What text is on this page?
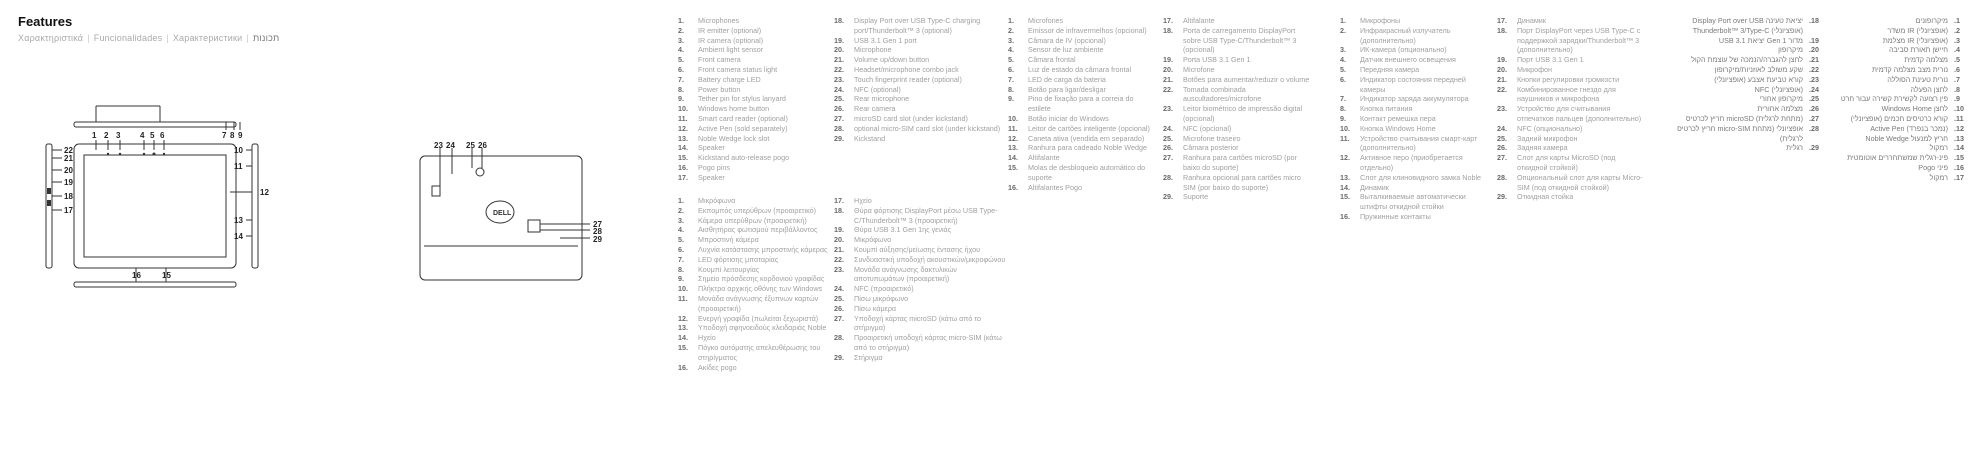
Features
Χαρακτηριστικά | Funcionalidades | Характеристики | תכונות
1 2 3 4 5 6	7 8 9
22
21
20
19
18
17
10
11
12
13
14
16	15
DELL
23 24 25 26
27
28
29
1.	Microphones
2.	IR emitter (optional)
3.	IR camera (optional)
4.	Ambient light sensor
5.	Front camera
6.	Front camera status light
7.	Battery charge LED
8.	Power button
9.	Tether pin for stylus lanyard
10.	Windows home button
11.	Smart card reader (optional)
12.	Active Pen (sold separately)
13.	Noble Wedge lock slot
14.	Speaker
15.	Kickstand auto-release pogo
16.	Pogo pins
17.	Speaker
18.	Display Port over USB Type-C charging port/Thunderbolt™ 3 (optional)
19.	USB 3.1 Gen 1 port
20.	Microphone
21.	Volume up/down button
22.	Headset/microphone combo jack
23.	Touch fingerprint reader (optional)
24.	NFC (optional)
25.	Rear microphone
26.	Rear camera
27.	microSD card slot (under kickstand)
28.	optional micro-SIM card slot (under kickstand)
29.	Kickstand
1.	Μικρόφωνα
2.	Εκπομπός υπερύθρων (προαιρετικό)
3.	Κάμερα υπερύθρων (προαιρετική)
4.	Αισθητήρας φωτισμού περιβάλλοντος
5.	Μπροστινή κάμερα
6.	Λυχνία κατάστασης μπροστινής κάμερας
7.	LED φόρτισης μπαταρίας
8.	Κουμπί λειτουργίας
9.	Σημείο πρόσδεσης κορδονιού γραφίδας
10.	Πλήκτρο αρχικής οθόνης των Windows
11.	Μονάδα ανάγνωσης έξυπνων καρτών (προαιρετική)
12.	Ενεργή γραφίδα (πωλείται ξεχωριστά)
13.	Υποδοχή σφηνοειδούς κλειδαριάς Noble
14.	Ηχείο
15.	Πόγκο αυτόματης απελευθέρωσης του στηρίγματος
16.	Ακίδες pogo
17.	Ηχείο
18.	Θύρα φόρτισης DisplayPort μέσω USB Type-C/Thunderbolt™ 3 (προαιρετική)
19.	Θύρα USB 3.1 Gen 1ης γενιάς
20.	Μικρόφωνο
21.	Κουμπί αύξησης/μείωσης έντασης ήχου
22.	Συνδυαστική υποδοχή ακουστικών/μικροφώνου
23.	Μονάδα ανάγνωσης δακτυλικών αποτυπωμάτων (προαιρετική)
24.	NFC (προαιρετικό)
25.	Πίσω μικρόφωνο
26.	Πίσω κάμερα
27.	Υποδοχή κάρτας microSD (κάτω από το στήριγμα)
28.	Προαιρετική υποδοχή κάρτας micro-SIM (κάτω από το στήριγμα)
29.	Στήριγμα
1.	Microfones
2.	Emissor de infravermelhos (opcional)
3.	Câmara de IV (opcional)
4.	Sensor de luz ambiente
5.	Câmara frontal
6.	Luz de estado da câmara frontal
7.	LED de carga da bateria
8.	Botão para ligar/desligar
9.	Pino de fixação para a correia do estilete
10.	Botão iniciar do Windows
11.	Leitor de cartões inteligente (opcional)
12.	Caneta ativa (vendida em separado)
13.	Ranhura para cadeado Noble Wedge
14.	Altifalante
15.	Molas de desbloqueio automático do suporte
16.	Altifalantes Pogo
17.	Altifalante
18.	Porta de carregamento DisplayPort sobre USB Type-C/Thunderbolt™ 3 (opcional)
19.	Porta USB 3.1 Gen 1
20.	Microfone
21.	Botões para aumentar/reduzir o volume
22.	Tomada combinada auscultadores/microfone
23.	Leitor biométrico de impressão digital (opcional)
24.	NFC (opcional)
25.	Microfone traseiro
26.	Câmara posterior
27.	Ranhura para cartões microSD (por baixo do suporte)
28.	Ranhura opcional para cartões micro SIM (por baixo do suporte)
29.	Suporte
1.	Микрофоны
2.	Инфракрасный излучатель (дополнительно)
3.	ИК-камера (опционально)
4.	Датчик внешнего освещения
5.	Передняя камера
6.	Индикатор состояния передней камеры
7.	Индикатор заряда аккумулятора
8.	Кнопка питания
9.	Контакт ремешка пера
10.	Кнопка Windows Home
11.	Устройство считывания смарт-карт (дополнительно)
12.	Активное перо (приобретается отдельно)
13.	Слот для клиновидного замка Noble
14.	Динамик
15.	Выталкиваемые автоматически штифты откидной стойки
16.	Пружинные контакты
17.	Динамик
18.	Порт DisplayPort через USB Type-C с поддержкой зарядки/Thunderbolt™ 3 (дополнительно)
19.	Порт USB 3.1 Gen 1
20.	Микрофон
21.	Кнопки регулировки громкости
22.	Комбинированное гнездо для наушников и микрофона
23.	Устройство для считывания отпечатков пальцев (дополнительно)
24.	NFC (опционально)
25.	Задний микрофон
26.	Задняя камера
27.	Слот для карты MicroSD (под откидной стойкой)
28.	Опциональный слот для карты Micro-SIM (под откидной стойкой)
29.	Откидная стойка
.18
Display Port over USB יציאת טעינה Thunderbolt™ 3/Type-C (אופציונלי)
.19
USB 3.1 יציאת Gen 1 מדור
.20
מיקרופון
.21
לחצן להגברה/הנמכה של עוצמת הקול
.22
שקע משולב לאוזניות/מיקרופון
.23
קורא טביעת אצבע (אופציונלי)
.24
NFC (אופציונלי)
.25
מיקרופון אחורי
.26
מצלמה אחורית
.27
חריץ לכרטיס microSD (מתחת לרגלית)
.28
חריץ לכרטיס micro-SIM אופציונלי (מתחת לרגלית)
.29
רגלית
.1
מיקרופונים
.2
משדר IR (אופציונלי)
.3
מצלמת IR (אופציונלי)
.4
חיישן תאורת סביבה
.5
מצלמה קדמית
.6
נורית מצב מצלמה קדמית
.7
נורית טעינת הסוללה
.8
לחצן הפעלה
.9
פין רצועה לקשירת קשירה עבור חרט
.10
Windows Home לחצן
.11
קורא כרטיסים חכמים (אופציונלי)
.12
Active Pen (נמכר בנפרד)
.13
Noble Wedge חריץ למנעול
.14
רמקול
.15
פינ-רגלית שמשתחררים אוטומטית
.16
Pogo פיני
.17
רמקול
